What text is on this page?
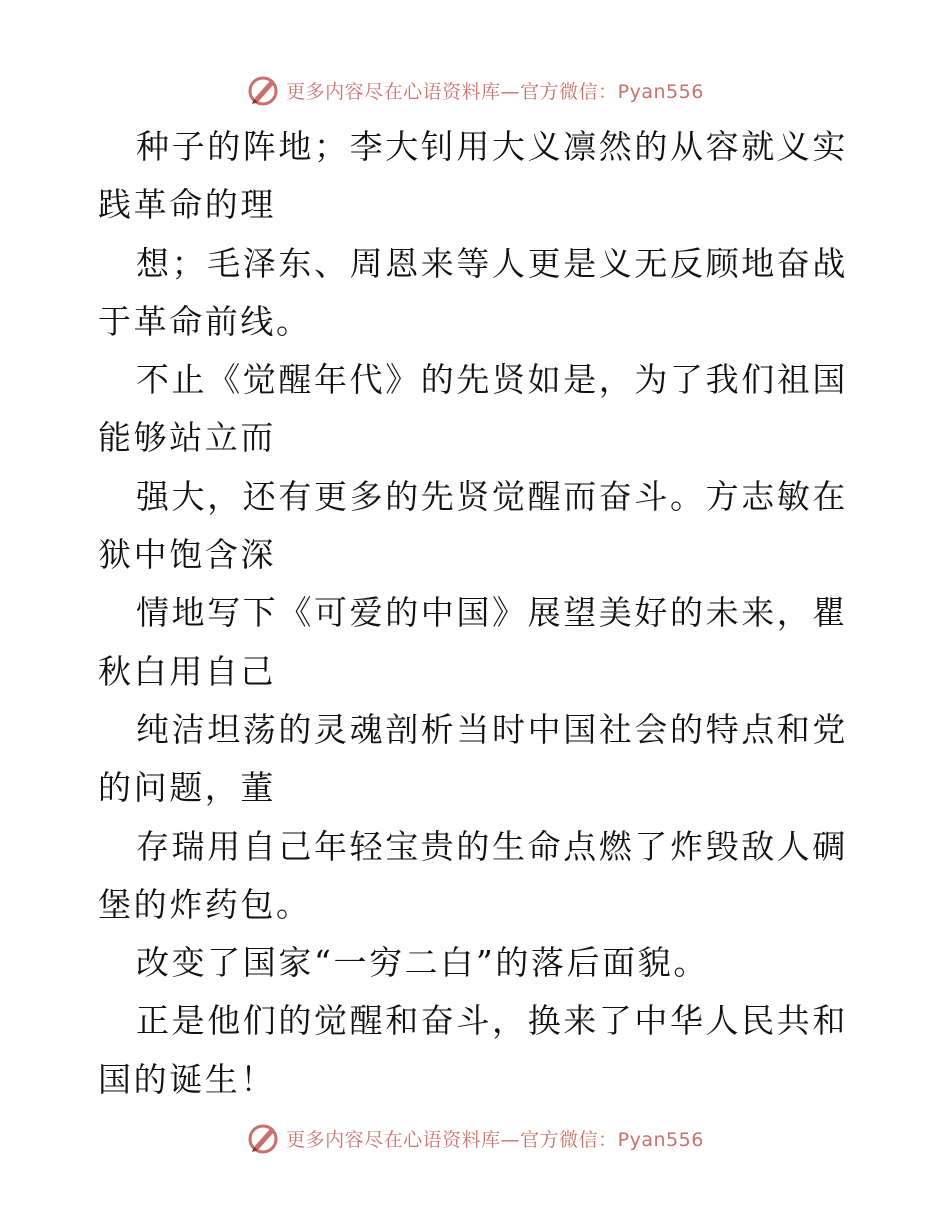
更多内容尽在心语资料库—官方微信：Pyan556

种子的阵地；李大钊用大义凛然的从容就义实践革命的理

想；毛泽东、周恩来等人更是义无反顾地奋战于革命前线。

不止《觉醒年代》的先贤如是，为了我们祖国能够站立而

强大，还有更多的先贤觉醒而奋斗。方志敏在狱中饱含深

情地写下《可爱的中国》展望美好的未来，瞿秋白用自己

纯洁坦荡的灵魂剖析当时中国社会的特点和党的问题，董

存瑞用自己年轻宝贵的生命点燃了炸毁敌人碉堡的炸药包。

改变了国家“一穷二白”的落后面貌。

正是他们的觉醒和奋斗，换来了中华人民共和国的诞生！

更多内容尽在心语资料库—官方微信：Pyan556
